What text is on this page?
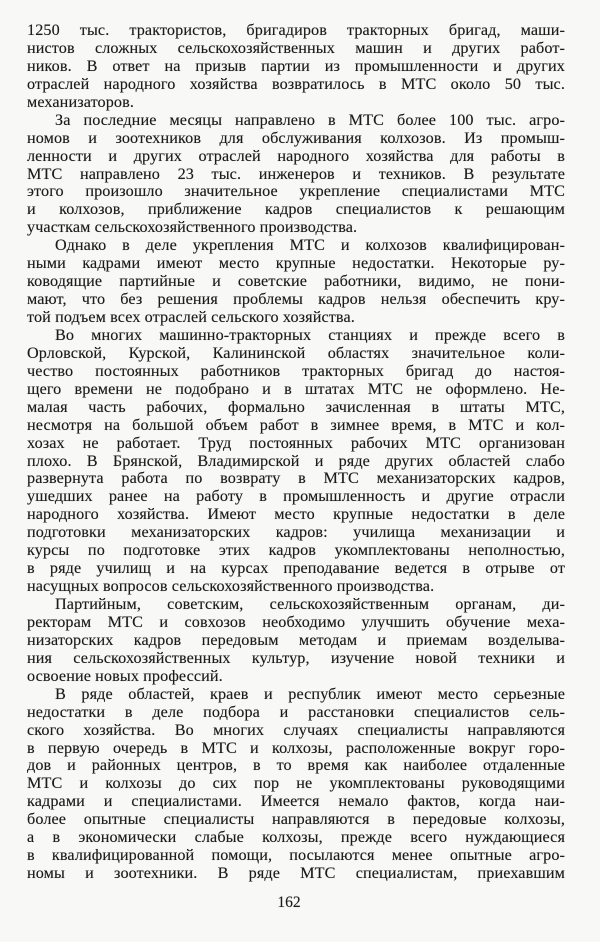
1250 тыс. трактористов, бригадиров тракторных бригад, маши-
нистов сложных сельскохозяйственных машин и других работ-
ников. В ответ на призыв партии из промышленности и других
отраслей народного хозяйства возвратилось в МТС около 50 тыс.
механизаторов.
За последние месяцы направлено в МТС более 100 тыс. агро-
номов и зоотехников для обслуживания колхозов. Из промыш-
ленности и других отраслей народного хозяйства для работы в
МТС направлено 23 тыс. инженеров и техников. В результате
этого произошло значительное укрепление специалистами МТС
и колхозов, приближение кадров специалистов к решающим
участкам сельскохозяйственного производства.
Однако в деле укрепления МТС и колхозов квалифицирован-
ными кадрами имеют место крупные недостатки. Некоторые ру-
ководящие партийные и советские работники, видимо, не пони-
мают, что без решения проблемы кадров нельзя обеспечить кру-
той подъем всех отраслей сельского хозяйства.
Во многих машинно-тракторных станциях и прежде всего в
Орловской, Курской, Калининской областях значительное коли-
чество постоянных работников тракторных бригад до настоя-
щего времени не подобрано и в штатах МТС не оформлено. Не-
малая часть рабочих, формально зачисленная в штаты МТС,
несмотря на большой объем работ в зимнее время, в МТС и кол-
хозах не работает. Труд постоянных рабочих МТС организован
плохо. В Брянской, Владимирской и ряде других областей слабо
развернута работа по возврату в МТС механизаторских кадров,
ушедших ранее на работу в промышленность и другие отрасли
народного хозяйства. Имеют место крупные недостатки в деле
подготовки механизаторских кадров: училища механизации и
курсы по подготовке этих кадров укомплектованы неполностью,
в ряде училищ и на курсах преподавание ведется в отрыве от
насущных вопросов сельскохозяйственного производства.
Партийным, советским, сельскохозяйственным органам, ди-
ректорам МТС и совхозов необходимо улучшить обучение меха-
низаторских кадров передовым методам и приемам возделыва-
ния сельскохозяйственных культур, изучение новой техники и
освоение новых профессий.
В ряде областей, краев и республик имеют место серьезные
недостатки в деле подбора и расстановки специалистов сель-
ского хозяйства. Во многих случаях специалисты направляются
в первую очередь в МТС и колхозы, расположенные вокруг горо-
дов и районных центров, в то время как наиболее отдаленные
МТС и колхозы до сих пор не укомплектованы руководящими
кадрами и специалистами. Имеется немало фактов, когда наи-
более опытные специалисты направляются в передовые колхозы,
а в экономически слабые колхозы, прежде всего нуждающиеся
в квалифицированной помощи, посылаются менее опытные агро-
номы и зоотехники. В ряде МТС специалистам, приехавшим
162
